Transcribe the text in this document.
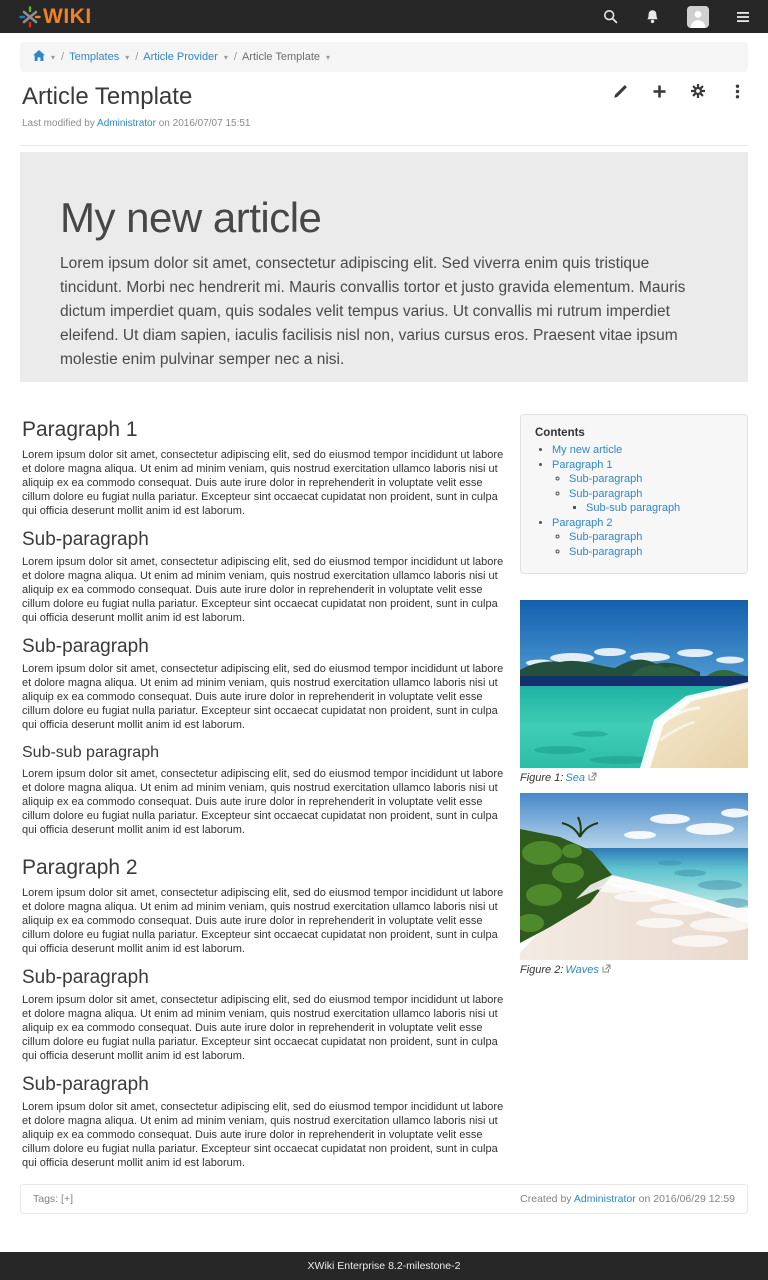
WIKI
▾ / Templates ▾ / Article Provider ▾ / Article Template ▾
Article Template
Last modified by Administrator on 2016/07/07 15:51
My new article

Lorem ipsum dolor sit amet, consectetur adipiscing elit. Sed viverra enim quis tristique tincidunt. Morbi nec hendrerit mi. Mauris convallis tortor et justo gravida elementum. Mauris dictum imperdiet quam, quis sodales velit tempus varius. Ut convallis mi rutrum imperdiet eleifend. Ut diam sapien, iaculis facilisis nisl non, varius cursus eros. Praesent vitae ipsum molestie enim pulvinar semper nec a nisi.

Paragraph 1

Lorem ipsum dolor sit amet, consectetur adipiscing elit, sed do eiusmod tempor incididunt ut labore et dolore magna aliqua. Ut enim ad minim veniam, quis nostrud exercitation ullamco laboris nisi ut aliquip ex ea commodo consequat. Duis aute irure dolor in reprehenderit in voluptate velit esse cillum dolore eu fugiat nulla pariatur. Excepteur sint occaecat cupidatat non proident, sunt in culpa qui officia deserunt mollit anim id est laborum.

Sub-paragraph

Lorem ipsum dolor sit amet, consectetur adipiscing elit, sed do eiusmod tempor incididunt ut labore et dolore magna aliqua. Ut enim ad minim veniam, quis nostrud exercitation ullamco laboris nisi ut aliquip ex ea commodo consequat. Duis aute irure dolor in reprehenderit in voluptate velit esse cillum dolore eu fugiat nulla pariatur. Excepteur sint occaecat cupidatat non proident, sunt in culpa qui officia deserunt mollit anim id est laborum.

Sub-paragraph

Lorem ipsum dolor sit amet, consectetur adipiscing elit, sed do eiusmod tempor incididunt ut labore et dolore magna aliqua. Ut enim ad minim veniam, quis nostrud exercitation ullamco laboris nisi ut aliquip ex ea commodo consequat. Duis aute irure dolor in reprehenderit in voluptate velit esse cillum dolore eu fugiat nulla pariatur. Excepteur sint occaecat cupidatat non proident, sunt in culpa qui officia deserunt mollit anim id est laborum.

Sub-sub paragraph

Lorem ipsum dolor sit amet, consectetur adipiscing elit, sed do eiusmod tempor incididunt ut labore et dolore magna aliqua. Ut enim ad minim veniam, quis nostrud exercitation ullamco laboris nisi ut aliquip ex ea commodo consequat. Duis aute irure dolor in reprehenderit in voluptate velit esse cillum dolore eu fugiat nulla pariatur. Excepteur sint occaecat cupidatat non proident, sunt in culpa qui officia deserunt mollit anim id est laborum.

Paragraph 2

Lorem ipsum dolor sit amet, consectetur adipiscing elit, sed do eiusmod tempor incididunt ut labore et dolore magna aliqua. Ut enim ad minim veniam, quis nostrud exercitation ullamco laboris nisi ut aliquip ex ea commodo consequat. Duis aute irure dolor in reprehenderit in voluptate velit esse cillum dolore eu fugiat nulla pariatur. Excepteur sint occaecat cupidatat non proident, sunt in culpa qui officia deserunt mollit anim id est laborum.

Sub-paragraph

Lorem ipsum dolor sit amet, consectetur adipiscing elit, sed do eiusmod tempor incididunt ut labore et dolore magna aliqua. Ut enim ad minim veniam, quis nostrud exercitation ullamco laboris nisi ut aliquip ex ea commodo consequat. Duis aute irure dolor in reprehenderit in voluptate velit esse cillum dolore eu fugiat nulla pariatur. Excepteur sint occaecat cupidatat non proident, sunt in culpa qui officia deserunt mollit anim id est laborum.

Sub-paragraph

Lorem ipsum dolor sit amet, consectetur adipiscing elit, sed do eiusmod tempor incididunt ut labore et dolore magna aliqua. Ut enim ad minim veniam, quis nostrud exercitation ullamco laboris nisi ut aliquip ex ea commodo consequat. Duis aute irure dolor in reprehenderit in voluptate velit esse cillum dolore eu fugiat nulla pariatur. Excepteur sint occaecat cupidatat non proident, sunt in culpa qui officia deserunt mollit anim id est laborum.

Contents
• My new article
• Paragraph 1
◦ Sub-paragraph
◦ Sub-paragraph
▪ Sub-sub paragraph
• Paragraph 2
◦ Sub-paragraph
◦ Sub-paragraph
Figure 1: Sea
Figure 2: Waves
Tags: [+]	Created by Administrator on 2016/06/29 12:59
XWiki Enterprise 8.2-milestone-2
